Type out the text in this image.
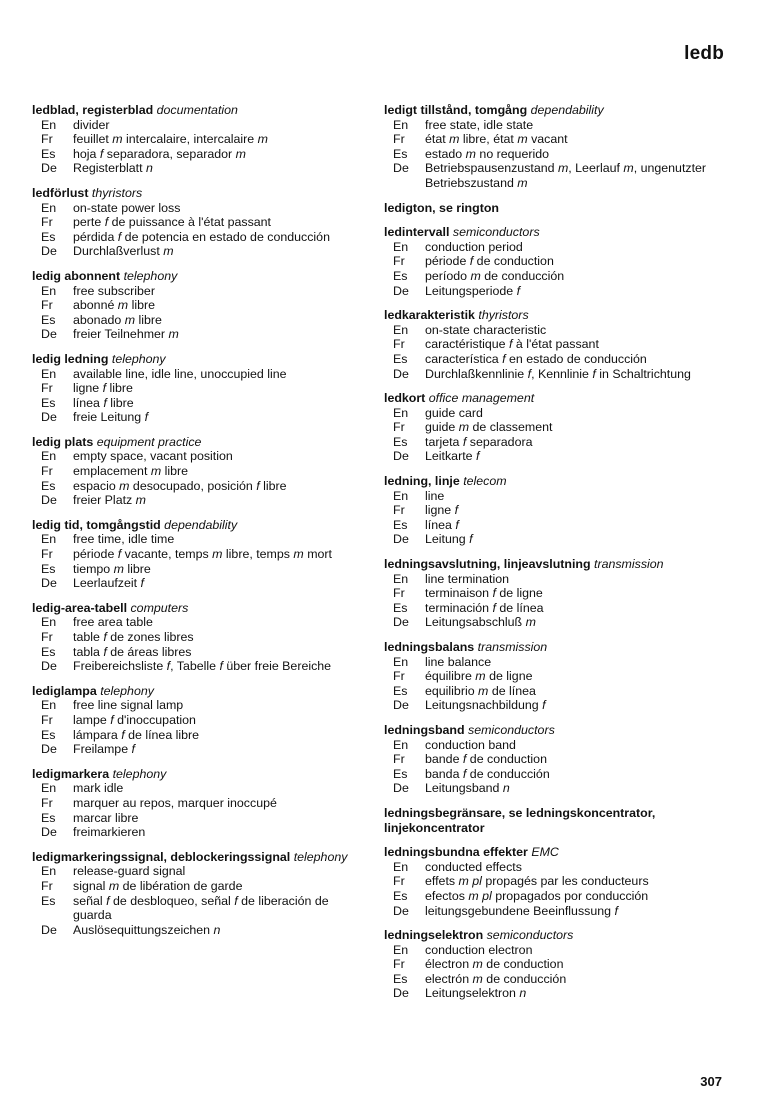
ledb
ledblad, registerblad documentation
En divider
Fr feuillet m intercalaire, intercalaire m
Es hoja f separadora, separador m
De Registerblatt n
ledförlust thyristors
En on-state power loss
Fr perte f de puissance à l'état passant
Es pérdida f de potencia en estado de conducción
De Durchlaßverlust m
ledig abonnent telephony
En free subscriber
Fr abonné m libre
Es abonado m libre
De freier Teilnehmer m
ledig ledning telephony
En available line, idle line, unoccupied line
Fr ligne f libre
Es línea f libre
De freie Leitung f
ledig plats equipment practice
En empty space, vacant position
Fr emplacement m libre
Es espacio m desocupado, posición f libre
De freier Platz m
ledig tid, tomgångstid dependability
En free time, idle time
Fr période f vacante, temps m libre, temps m mort
Es tiempo m libre
De Leerlaufzeit f
ledig-area-tabell computers
En free area table
Fr table f de zones libres
Es tabla f de áreas libres
De Freibereichsliste f, Tabelle f über freie Bereiche
lediglampa telephony
En free line signal lamp
Fr lampe f d'inoccupation
Es lámpara f de línea libre
De Freilampe f
ledigmarkera telephony
En mark idle
Fr marquer au repos, marquer inoccupé
Es marcar libre
De freimarkieren
ledigmarkeringssignal, deblockeringssignal telephony
En release-guard signal
Fr signal m de libération de garde
Es señal f de desbloqueo, señal f de liberación de guarda
De Auslösequittungszeichen n
ledigt tillstånd, tomgång dependability
En free state, idle state
Fr état m libre, état m vacant
Es estado m no requerido
De Betriebspausenzustand m, Leerlauf m, ungenutzter Betriebszustand m
ledigton, se rington
ledintervall semiconductors
En conduction period
Fr période f de conduction
Es período m de conducción
De Leitungsperiode f
ledkarakteristik thyristors
En on-state characteristic
Fr caractéristique f à l'état passant
Es característica f en estado de conducción
De Durchlaßkennlinie f, Kennlinie f in Schaltrichtung
ledkort office management
En guide card
Fr guide m de classement
Es tarjeta f separadora
De Leitkarte f
ledning, linje telecom
En line
Fr ligne f
Es línea f
De Leitung f
ledningsavslutning, linjeavslutning transmission
En line termination
Fr terminaison f de ligne
Es terminación f de línea
De Leitungsabschluß m
ledningsbalans transmission
En line balance
Fr équilibre m de ligne
Es equilibrio m de línea
De Leitungsnachbildung f
ledningsband semiconductors
En conduction band
Fr bande f de conduction
Es banda f de conducción
De Leitungsband n
ledningsbegränsare, se ledningskoncentrator, linjekoncentrator
ledningsbundna effekter EMC
En conducted effects
Fr effets m pl propagés par les conducteurs
Es efectos m pl propagados por conducción
De leitungsgebundene Beeinflussung f
ledningselektron semiconductors
En conduction electron
Fr électron m de conduction
Es electrón m de conducción
De Leitungselektron n
307
